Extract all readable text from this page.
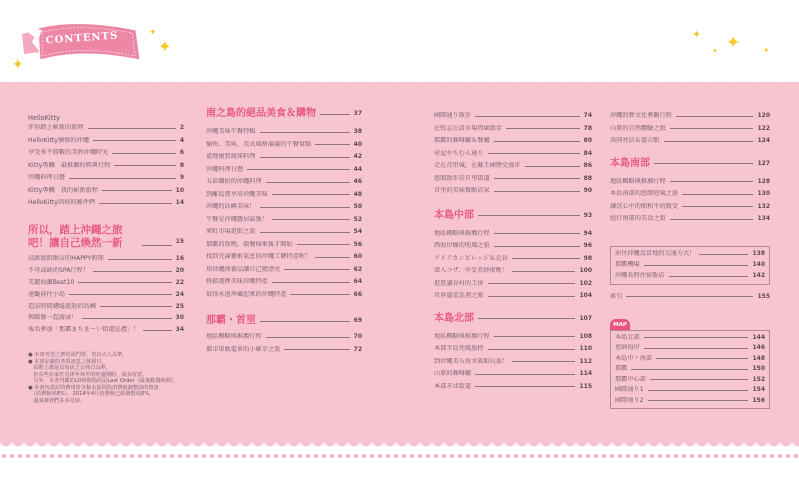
CONTENTS
✦
✦
✦
✦
✦ ✦	✦
HelloKitty
伴你踏上嶄新的旅程	2
HelloKitty憧憬的沖繩	4
享受多不勝數的美妙沖繩時光	6
Kitty專欄　最推薦的經典行程	8
沖繩料理日曆	9
Kitty專欄　我的嶄新旅程	10
HelloKitty回娃的郵件們	14
所以，踏上沖繩之旅吧！讓自己煥然一新	15
高級渡假飯店的HAPPY假期	16
不可或缺的SPA行程！	20
美麗海灘Best10	22
遠觀前往小島	24
造訪時間繾綣流逝的島嶼	25
與鯨豚一起游泳！	30
報名參加「那霸まちま〜い街道巡禮」！	34
● 本書刊登之費用或門票，皆以大人為準。
● 本書記載的各項訊息之休假日，
　原則上都是以每店之公休日為準，
　但有些店家於有休年休年的旺盛期盼，請多留意。
　另外，本書刊載的LO時間指的是Last Order（最後點餐時間）。
● 本書內表記的費用皆含稅金原則為消費稅調整前的資訊
　（消費稅率8%）。2014年4月消費稅已經調整成8%，
　還請讀者們多多見諒。
南之島的絕品美食＆購物	37
沖繩美味午餐特輯	38
愉快、美味，美式風格滿滿的午餐實點	40
道地優質琉球料理	42
沖繩料理日曆	44
五彩繽紛的沖繩料理	46
到離島賞享用沖繩美味	48
沖繩的島嶼美味！	50
午餐是沖繩舊居最強！	52
來町市場逛街之旅	54
那霸的夜晚，散餐綺來後才開始	56
找到充滿藝術氣息的沖繩工藝特產喔！	60
用沖繩保養品讓自己變漂亮	62
輕鬆選擇美味沖繩特產	64
值得永遠珍藏起來的沖繩特產	66
那霸・首里	69
地區概略與推薦行程	70
都市單軌電車的小確幸之旅	72
國際通り散步	74
在牧志公設市場周圍散步	78
那霸的咖啡廳＆餐廳	80
壺屋やちむん通り	84
走在首里城，在縣王國歷史漫步	86
悠閒散步於首里街道	88
首里的美味餐點店家	90
本島中部	93
地區概略與推薦行程	94
西海岸線的兜風之旅	96
アメリカンビレッジ＆北谷	98
深入コザ，享受美妙夜晚！	100
逛逛讀谷村的工房	102
世界遺產巡迴之旅	104
本島北部	107
地區概略與推薦行程	108
本部半島兜風旅程	110
到沖繩美ら海水族館玩耍！	112
山原的咖啡廳	114
本部そば街道	115
沖繩的歷文化參觀行程	120
山原的自然體驗之旅	122
共同亮店＆道の駅	124
本島南部	127
地區概略與推薦行程	128
本島南部的悠閒兜風之旅	130
讓沉心中的簡和平的緩受	132
絕行南部的美食之旅	134
前往沖繩及當地的交通方式！	138
那霸機場	140
沖繩長時住宿飯店	142
索引	155
MAP
本島北部	144
恩納海岸	146
本島中・南部	148
那霸	150
那霸中心部	152
國際通り1	154
國際通り2	156
